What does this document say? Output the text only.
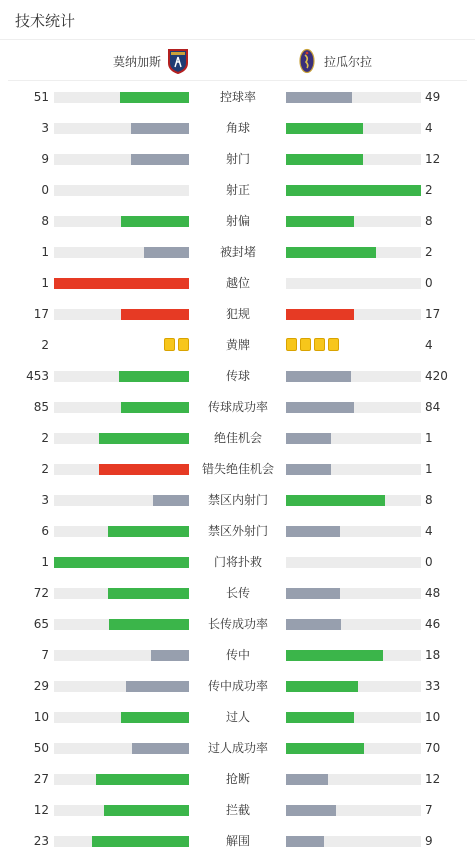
技术统计
莫纳加斯	拉瓜尔拉
51	控球率	49
3	角球	4
9	射门	12
0	射正	2
8	射偏	8
1	被封堵	2
1	越位	0
17	犯规	17
2	黄牌	4
453	传球	420
85	传球成功率	84
2	绝佳机会	1
2	错失绝佳机会	1
3	禁区内射门	8
6	禁区外射门	4
1	门将扑救	0
72	长传	48
65	长传成功率	46
7	传中	18
29	传中成功率	33
10	过人	10
50	过人成功率	70
27	抢断	12
12	拦截	7
23	解围	9
